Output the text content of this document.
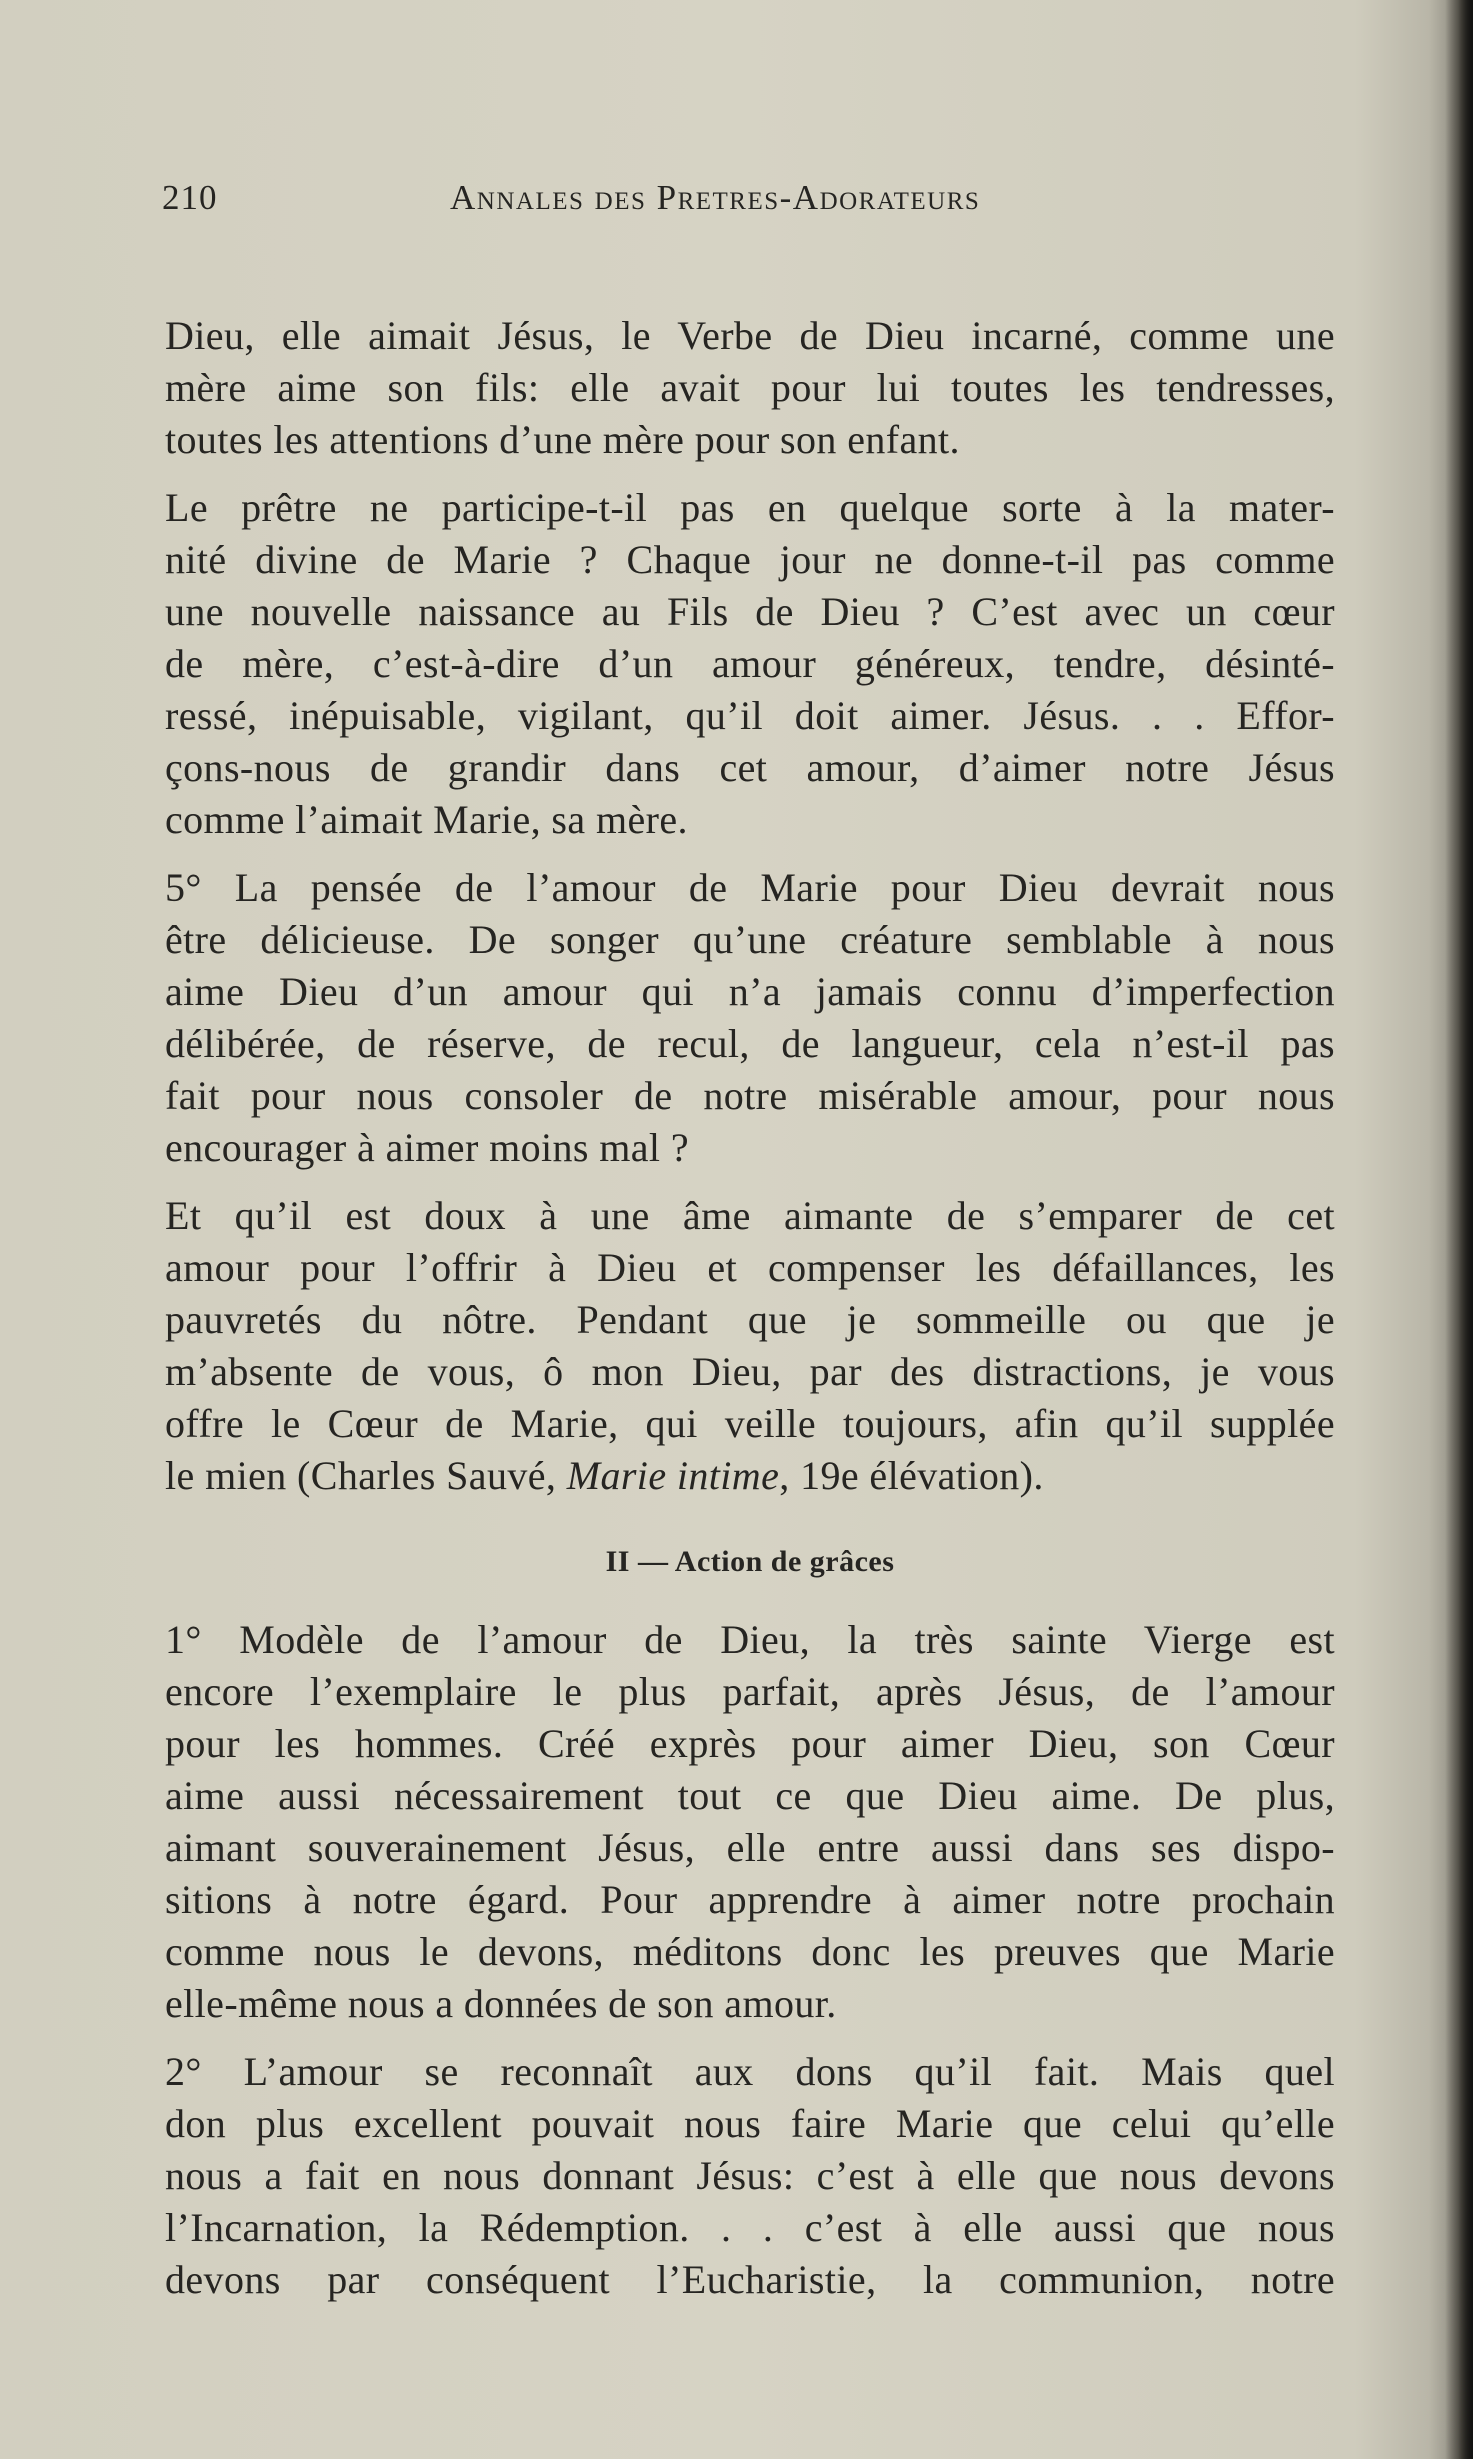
210	Annales des Pretres-Adorateurs
Dieu, elle aimait Jésus, le Verbe de Dieu incarné, comme une
mère aime son fils: elle avait pour lui toutes les tendresses,
toutes les attentions d’une mère pour son enfant.
Le prêtre ne participe-t-il pas en quelque sorte à la mater-
nité divine de Marie ? Chaque jour ne donne-t-il pas comme
une nouvelle naissance au Fils de Dieu ? C’est avec un cœur
de mère, c’est-à-dire d’un amour généreux, tendre, désinté-
ressé, inépuisable, vigilant, qu’il doit aimer. Jésus. . . Effor-
çons-nous de grandir dans cet amour, d’aimer notre Jésus
comme l’aimait Marie, sa mère.
5° La pensée de l’amour de Marie pour Dieu devrait nous
être délicieuse. De songer qu’une créature semblable à nous
aime Dieu d’un amour qui n’a jamais connu d’imperfection
délibérée, de réserve, de recul, de langueur, cela n’est-il pas
fait pour nous consoler de notre misérable amour, pour nous
encourager à aimer moins mal ?
Et qu’il est doux à une âme aimante de s’emparer de cet
amour pour l’offrir à Dieu et compenser les défaillances, les
pauvretés du nôtre. Pendant que je sommeille ou que je
m’absente de vous, ô mon Dieu, par des distractions, je vous
offre le Cœur de Marie, qui veille toujours, afin qu’il supplée
le mien (Charles Sauvé, Marie intime, 19e élévation).
II — Action de grâces
1° Modèle de l’amour de Dieu, la très sainte Vierge est
encore l’exemplaire le plus parfait, après Jésus, de l’amour
pour les hommes. Créé exprès pour aimer Dieu, son Cœur
aime aussi nécessairement tout ce que Dieu aime. De plus,
aimant souverainement Jésus, elle entre aussi dans ses dispo-
sitions à notre égard. Pour apprendre à aimer notre prochain
comme nous le devons, méditons donc les preuves que Marie
elle-même nous a données de son amour.
2° L’amour se reconnaît aux dons qu’il fait. Mais quel
don plus excellent pouvait nous faire Marie que celui qu’elle
nous a fait en nous donnant Jésus: c’est à elle que nous devons
l’Incarnation, la Rédemption. . . c’est à elle aussi que nous
devons par conséquent l’Eucharistie, la communion, notre
